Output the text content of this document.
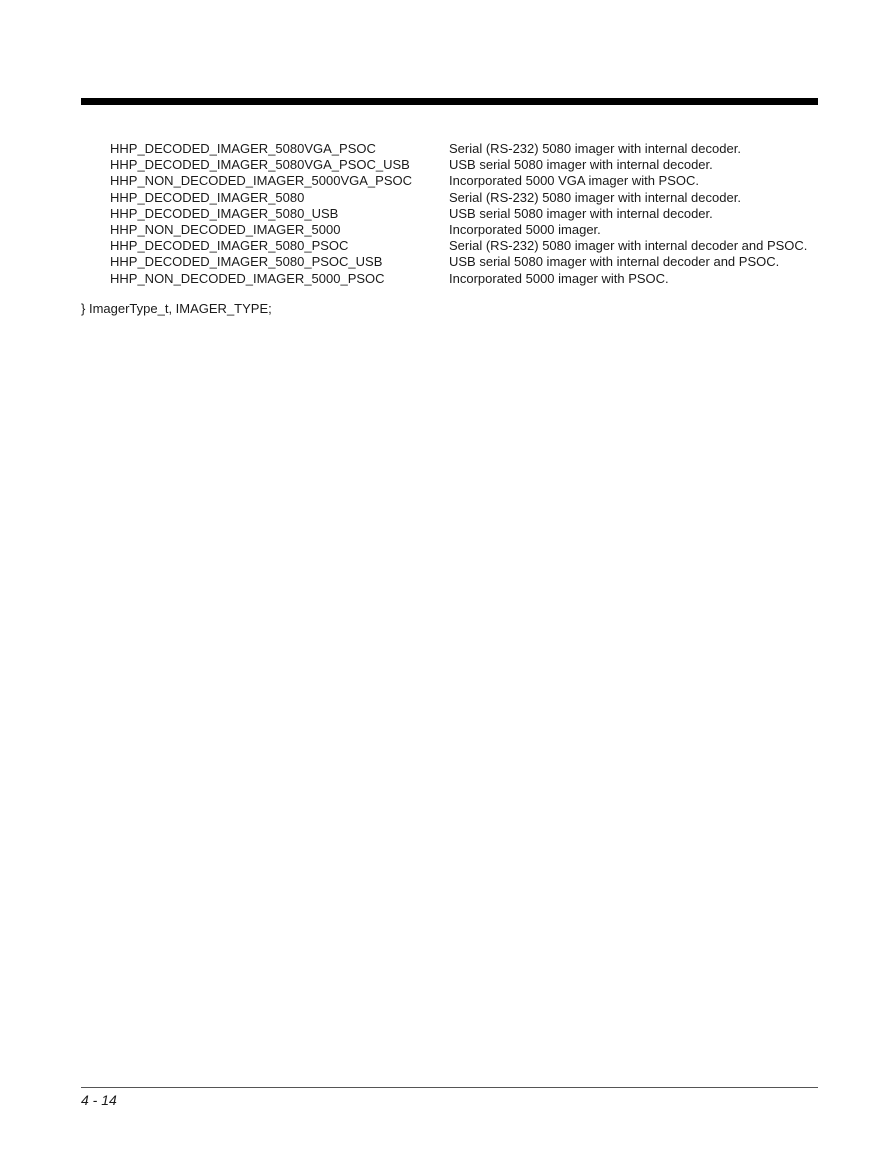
HHP_DECODED_IMAGER_5080VGA_PSOC	Serial (RS-232) 5080 imager with internal decoder.
HHP_DECODED_IMAGER_5080VGA_PSOC_USB	USB serial 5080 imager with internal decoder.
HHP_NON_DECODED_IMAGER_5000VGA_PSOC	Incorporated 5000 VGA imager with PSOC.
HHP_DECODED_IMAGER_5080	Serial (RS-232) 5080 imager with internal decoder.
HHP_DECODED_IMAGER_5080_USB	USB serial 5080 imager with internal decoder.
HHP_NON_DECODED_IMAGER_5000	Incorporated 5000 imager.
HHP_DECODED_IMAGER_5080_PSOC	Serial (RS-232) 5080 imager with internal decoder and PSOC.
HHP_DECODED_IMAGER_5080_PSOC_USB	USB serial 5080 imager with internal decoder and PSOC.
HHP_NON_DECODED_IMAGER_5000_PSOC	Incorporated 5000 imager with PSOC.
} ImagerType_t, IMAGER_TYPE;
4 - 14
